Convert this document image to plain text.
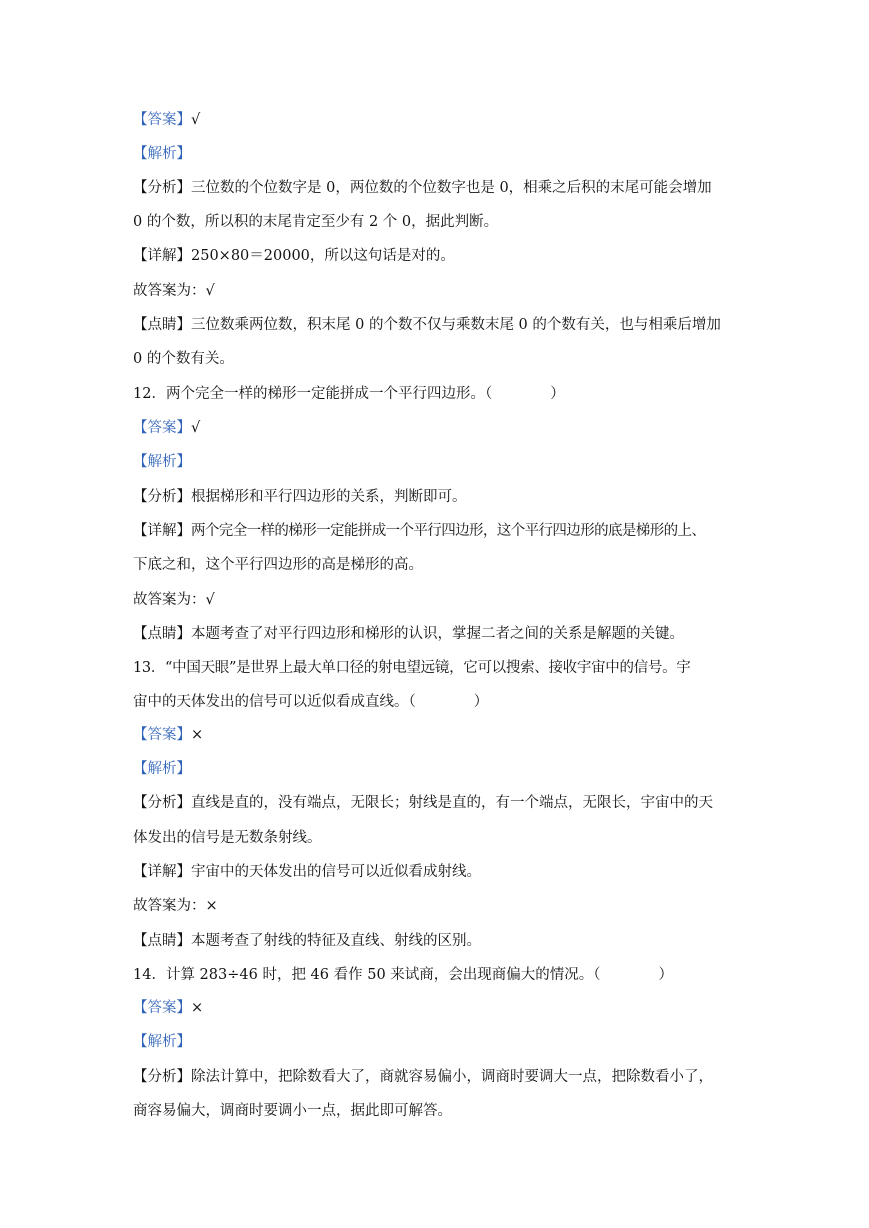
【答案】√
【解析】
【分析】三位数的个位数字是 0，两位数的个位数字也是 0，相乘之后积的末尾可能会增加
0 的个数，所以积的末尾肯定至少有 2 个 0，据此判断。
【详解】250×80＝20000，所以这句话是对的。
故答案为：√
【点睛】三位数乘两位数，积末尾 0 的个数不仅与乘数末尾 0 的个数有关，也与相乘后增加
0 的个数有关。
12．两个完全一样的梯形一定能拼成一个平行四边形。（　　　　）
【答案】√
【解析】
【分析】根据梯形和平行四边形的关系，判断即可。
【详解】两个完全一样的梯形一定能拼成一个平行四边形，这个平行四边形的底是梯形的上、
下底之和，这个平行四边形的高是梯形的高。
故答案为：√
【点睛】本题考查了对平行四边形和梯形的认识，掌握二者之间的关系是解题的关键。
13．“中国天眼”是世界上最大单口径的射电望远镜，它可以搜索、接收宇宙中的信号。宇
宙中的天体发出的信号可以近似看成直线。（　　　　）
【答案】×
【解析】
【分析】直线是直的，没有端点，无限长；射线是直的，有一个端点，无限长，宇宙中的天
体发出的信号是无数条射线。
【详解】宇宙中的天体发出的信号可以近似看成射线。
故答案为：×
【点睛】本题考查了射线的特征及直线、射线的区别。
14．计算 283÷46 时，把 46 看作 50 来试商，会出现商偏大的情况。（　　　　）
【答案】×
【解析】
【分析】除法计算中，把除数看大了，商就容易偏小，调商时要调大一点，把除数看小了，
商容易偏大，调商时要调小一点，据此即可解答。
